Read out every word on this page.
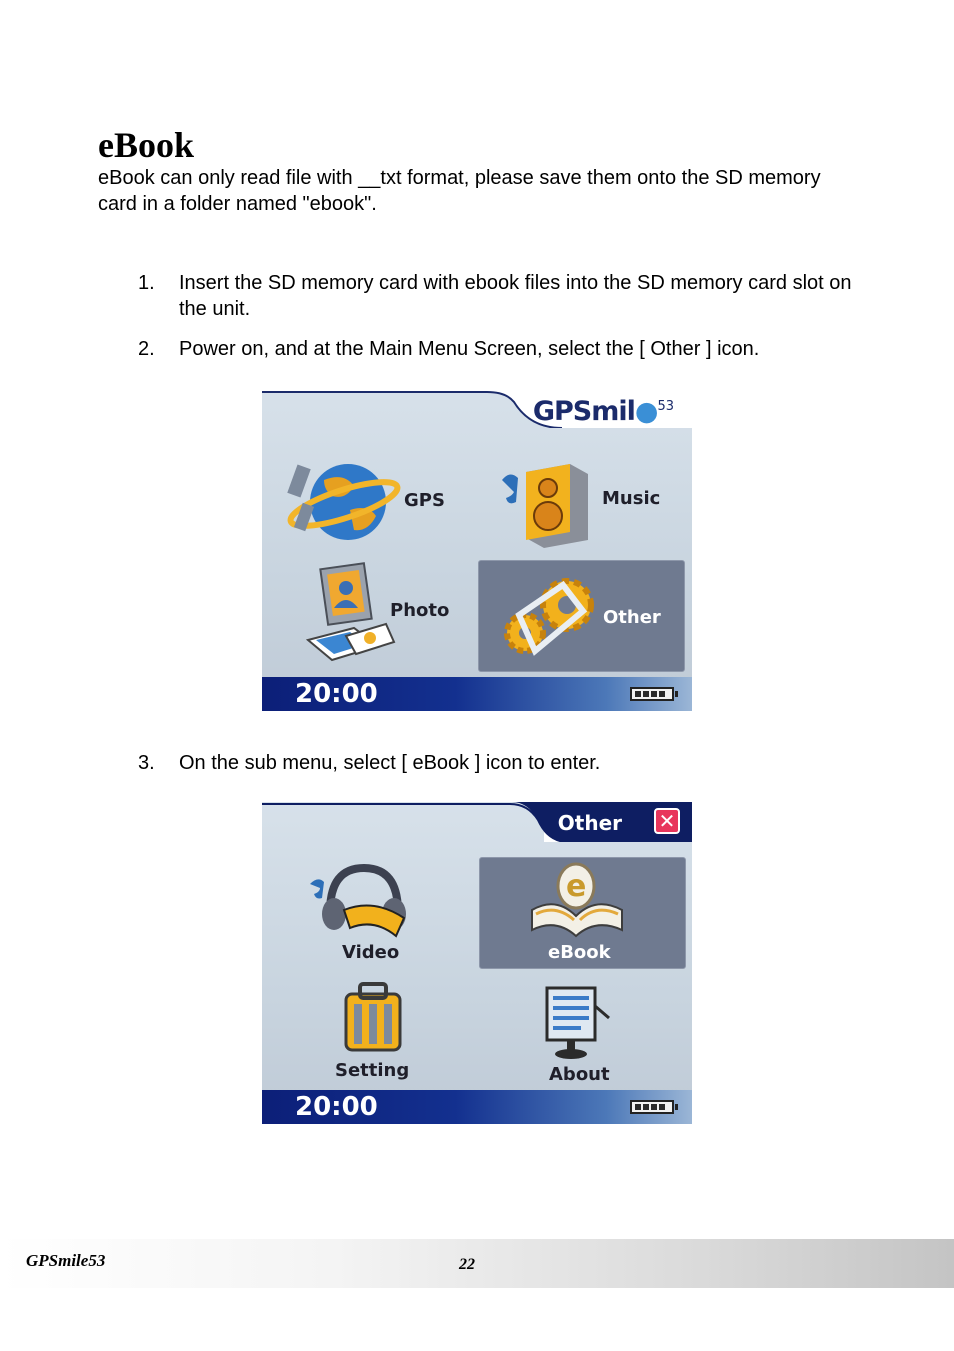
eBook
eBook can only read file with __txt format, please save them onto the SD memory card in a folder named "ebook".
1. Insert the SD memory card with ebook files into the SD memory card slot on the unit.
2. Power on, and at the Main Menu Screen, select the [ Other ] icon.
GPSmil●$^{53}$
GPS	Music
Photo	Other
20:00
3. On the sub menu, select [ eBook ] icon to enter.
Other ✕
Video
e
eBook
Setting	About
20:00
GPSmile53	22
